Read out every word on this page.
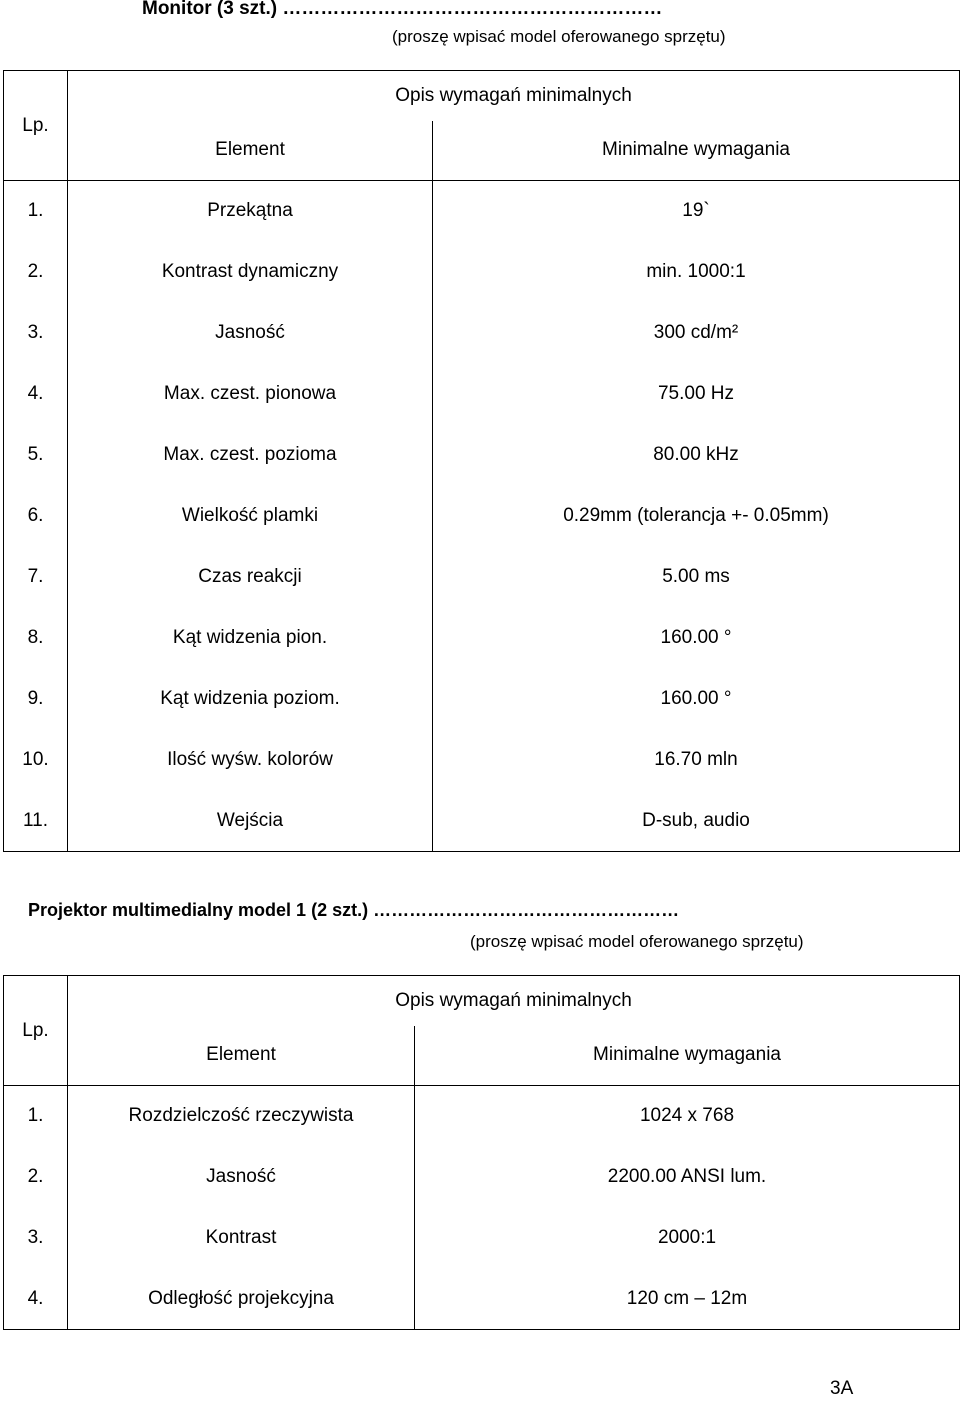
Monitor (3 szt.) ……………………………………………………
(proszę wpisać model oferowanego sprzętu)
Lp.	Opis wymagań minimalnych	
	Element	Minimalne wymagania
1.	Przekątna	19`
2.	Kontrast dynamiczny	min. 1000:1
3.	Jasność	300 cd/m²
4.	Max. czest. pionowa	75.00 Hz
5.	Max. czest. pozioma	80.00 kHz
6.	Wielkość plamki	0.29mm (tolerancja +- 0.05mm)
7.	Czas reakcji	5.00 ms
8.	Kąt widzenia pion.	160.00 °
9.	Kąt widzenia poziom.	160.00 °
10.	Ilość wyśw. kolorów	16.70 mln
11.	Wejścia	D-sub, audio
Projektor multimedialny model 1 (2 szt.) ……………………………………………
(proszę wpisać model oferowanego sprzętu)
Lp.	Opis wymagań minimalnych	
	Element	Minimalne wymagania
1.	Rozdzielczość rzeczywista	1024 x 768
2.	Jasność	2200.00 ANSI lum.
3.	Kontrast	2000:1
4.	Odległość projekcyjna	120 cm – 12m
3A
